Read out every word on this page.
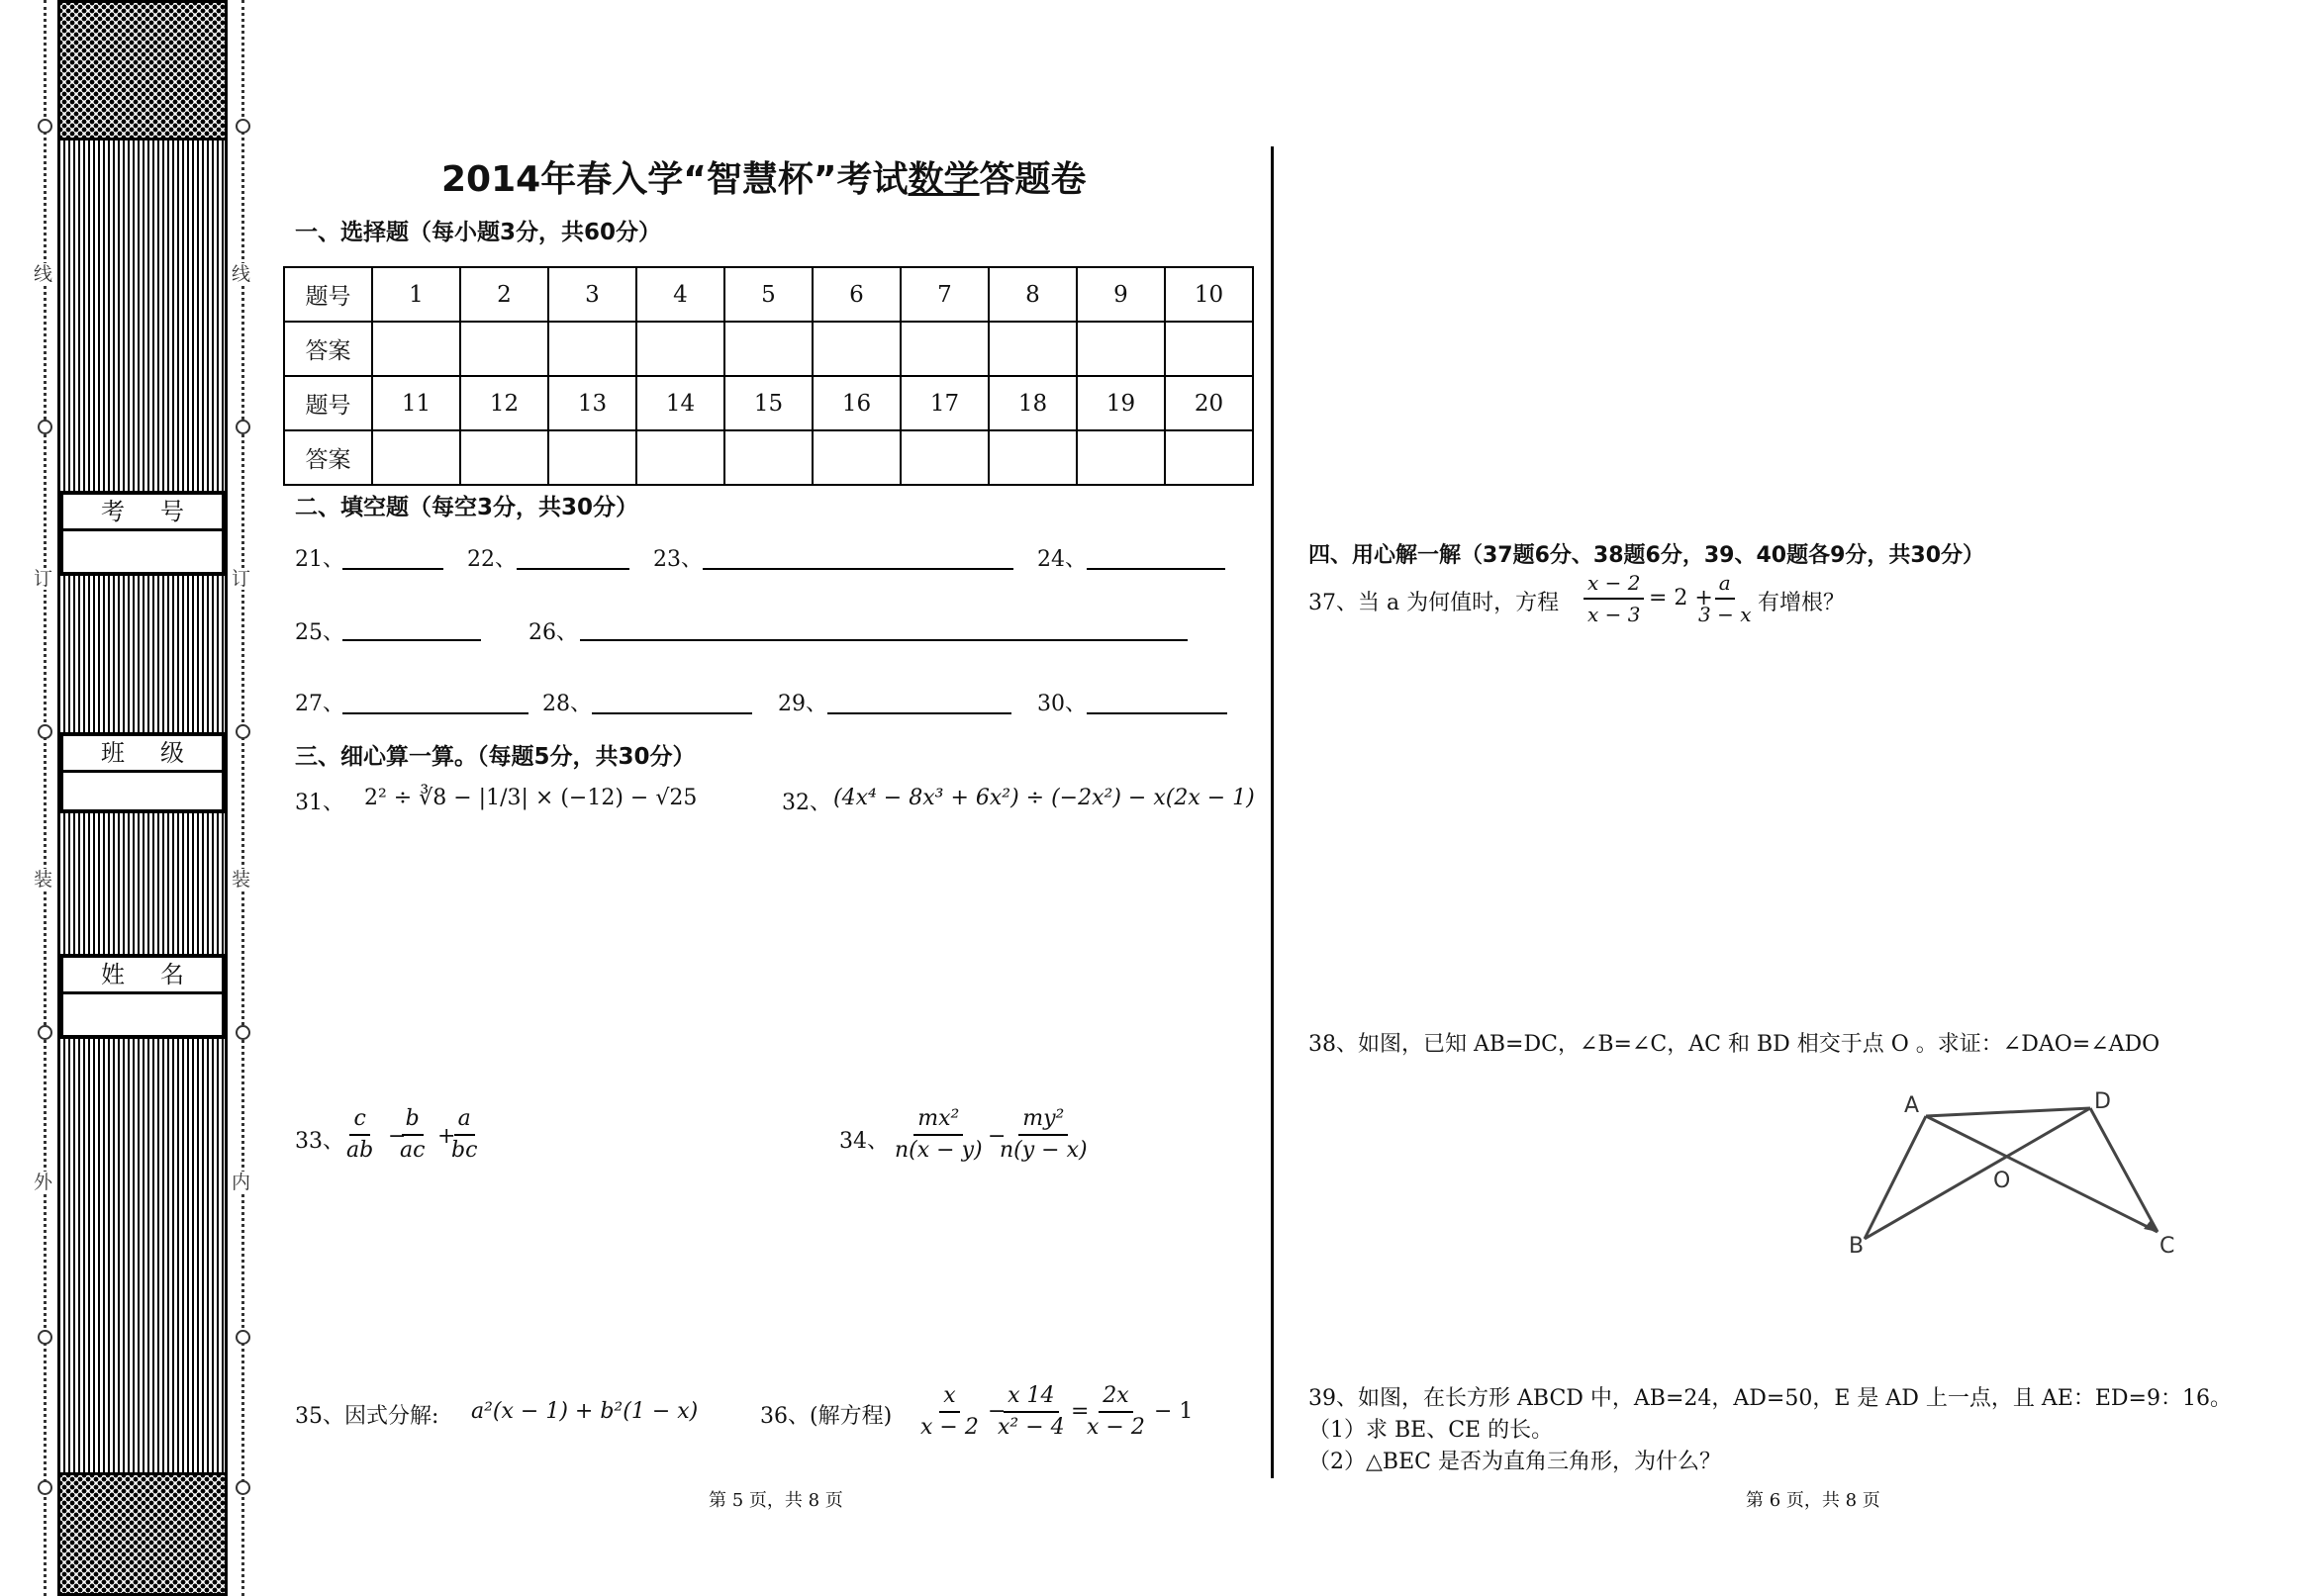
线
订
装
外
线
订
装
内
考号
班级
姓名
2014年春入学“智慧杯”考试数学答题卷
一、选择题（每小题3分，共60分）
题号	1	2	3	4	5	6	7	8	9	10
答案										
题号	11	12	13	14	15	16	17	18	19	20
答案										
二、填空题（每空3分，共30分）
21、	22、	23、	24、
25、	26、
27、	28、	29、	30、
三、细心算一算。（每题5分，共30分）
31、 2² ÷ ∛8 − |1/3| × (−12) − √25	32、 (4x⁴ − 8x³ + 6x²) ÷ (−2x²) − x(2x − 1)
33、 $\frac{c}{ab}$ −
$\frac{b}{ac}$ +
$\frac{a}{bc}$	34、 $\frac{\text{mx²}}{n(x - y)}$ −
$\frac{\text{my²}}{n(y - x)}$
35、因式分解: a²(x − 1) + b²(1 − x)	36、(解方程) $\frac{x}{x - 2}$ −
$\frac{x 14}{\text{x² − 4}}$ =
$\frac{2x}{x - 2} - 1$
第 5 页，共 8 页
四、用心解一解（37题6分、38题6分，39、40题各9分，共30分）
37、当 a 为何值时，方程 $\frac{x - 2}{x - 3} = 2$ +
$\frac{a}{3 - x}$ 有增根？
38、如图，已知 AB=DC，∠B=∠C，AC 和 BD 相交于点 O 。求证：∠DAO=∠ADO
A	D
O
B	C
39、如图，在长方形 ABCD 中，AB=24，AD=50，E 是 AD 上一点，且 AE：ED=9：16。
（1）求 BE、CE 的长。
（2）△BEC 是否为直角三角形，为什么？
第 6 页，共 8 页
